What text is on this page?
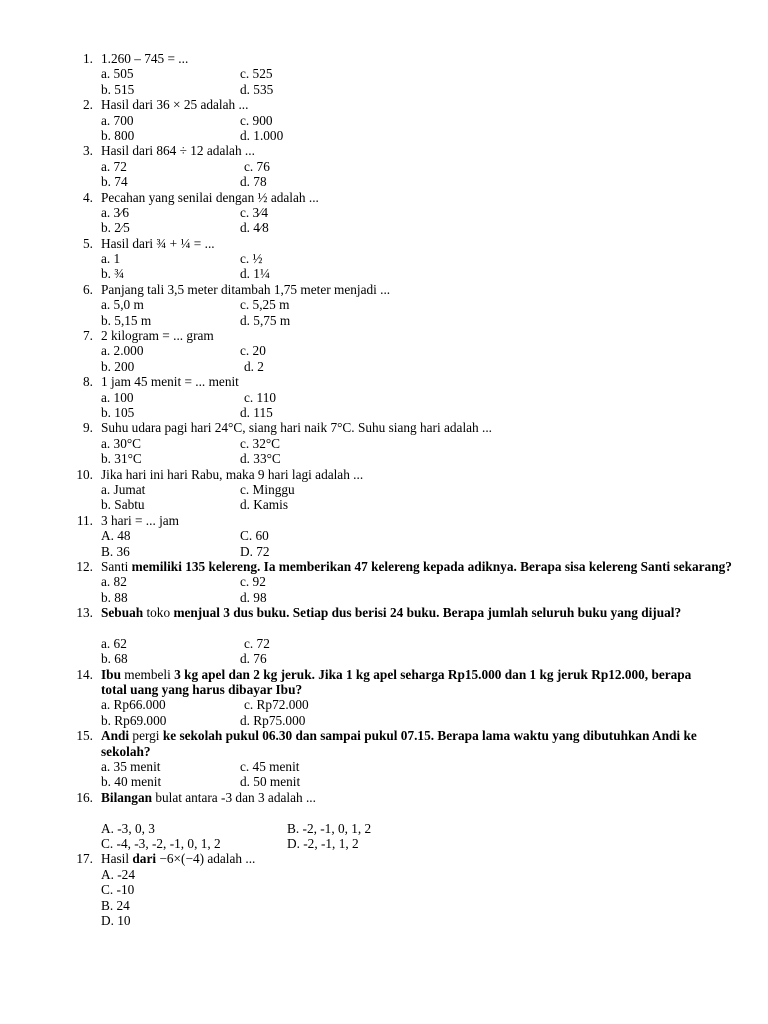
1. 1.260 – 745 = ...
a. 505	c. 525
b. 515	d. 535
2. Hasil dari 36 × 25 adalah ...
a. 700	c. 900
b. 800	d. 1.000
3. Hasil dari 864 ÷ 12 adalah ...
a. 72	c. 76
b. 74	d. 78
4. Pecahan yang senilai dengan ½ adalah ...
a. 3⁄6	c. 3⁄4
b. 2⁄5	d. 4⁄8
5. Hasil dari ¾ + ¼ = ...
a. 1	c. ½
b. ¾	d. 1¼
6. Panjang tali 3,5 meter ditambah 1,75 meter menjadi ...
a. 5,0 m	c. 5,25 m
b. 5,15 m	d. 5,75 m
7. 2 kilogram = ... gram
a. 2.000	c. 20
b. 200	d. 2
8. 1 jam 45 menit = ... menit
a. 100	c. 110
b. 105	d. 115
9. Suhu udara pagi hari 24°C, siang hari naik 7°C. Suhu siang hari adalah ...
a. 30°C	c. 32°C
b. 31°C	d. 33°C
10. Jika hari ini hari Rabu, maka 9 hari lagi adalah ...
a. Jumat	c. Minggu
b. Sabtu	d. Kamis
11. 3 hari = ... jam
A. 48	C. 60
B. 36	D. 72
12. Santi memiliki 135 kelereng. Ia memberikan 47 kelereng kepada adiknya. Berapa sisa kelereng Santi sekarang?
a. 82	c. 92
b. 88	d. 98
13. Sebuah toko menjual 3 dus buku. Setiap dus berisi 24 buku. Berapa jumlah seluruh buku yang dijual?
a. 62	c. 72
b. 68	d. 76
14. Ibu membeli 3 kg apel dan 2 kg jeruk. Jika 1 kg apel seharga Rp15.000 dan 1 kg jeruk Rp12.000, berapa total uang yang harus dibayar Ibu?
a. Rp66.000	c. Rp72.000
b. Rp69.000	d. Rp75.000
15. Andi pergi ke sekolah pukul 06.30 dan sampai pukul 07.15. Berapa lama waktu yang dibutuhkan Andi ke sekolah?
a. 35 menit	c. 45 menit
b. 40 menit	d. 50 menit
16. Bilangan bulat antara -3 dan 3 adalah ...
A. -3, 0, 3	B. -2, -1, 0, 1, 2
C. -4, -3, -2, -1, 0, 1, 2	D. -2, -1, 1, 2
17. Hasil dari −6×(−4) adalah ...
A. -24
C. -10
B. 24
D. 10
